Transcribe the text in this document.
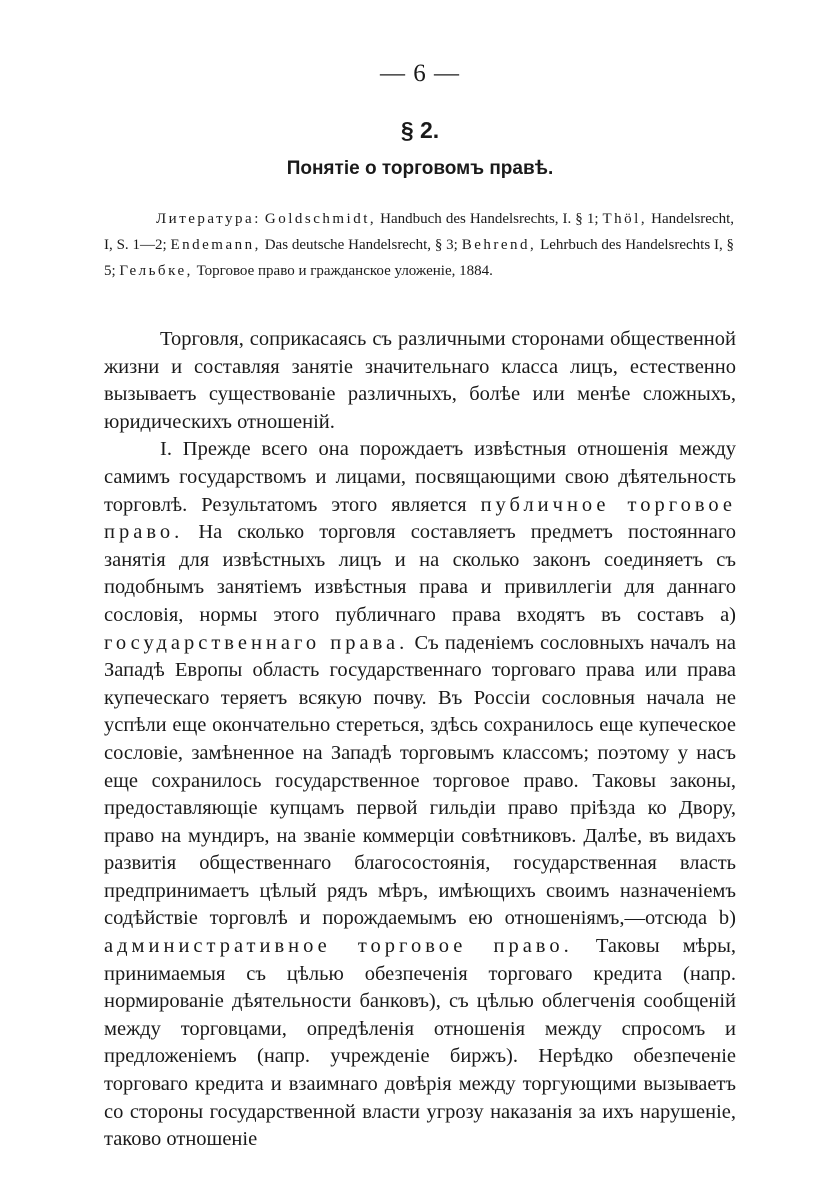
— 6 —
§ 2.
Понятіе о торговомъ правѣ.

Литература: Goldschmidt, Handbuch des Handelsrechts, I. § 1; Thöl, Handelsrecht, I, S. 1—2; Endemann, Das deutsche Handelsrecht, § 3; Behrend, Lehrbuch des Handelsrechts I, § 5; Гельбке, Торговое право и гражданское уложеніе, 1884.

Торговля, соприкасаясь съ различными сторонами общественной жизни и составляя занятіе значительнаго класса лицъ, естественно вызываетъ существованіе различныхъ, болѣе или менѣе сложныхъ, юридическихъ отношеній.

I. Прежде всего она порождаетъ извѣстныя отношенія между самимъ государствомъ и лицами, посвящающими свою дѣятельность торговлѣ. Результатомъ этого является публичное торговое право. На сколько торговля составляетъ предметъ постояннаго занятія для извѣстныхъ лицъ и на сколько законъ соединяетъ съ подобнымъ занятіемъ извѣстныя права и привиллегіи для даннаго сословія, нормы этого публичнаго права входятъ въ составъ а) государственнаго права. Съ паденіемъ сословныхъ началъ на Западѣ Европы область государственнаго торговаго права или права купеческаго теряетъ всякую почву. Въ Россіи сословныя начала не успѣли еще окончательно стереться, здѣсь сохранилось еще купеческое сословіе, замѣненное на Западѣ торговымъ классомъ; поэтому у насъ еще сохранилось государственное торговое право. Таковы законы, предоставляющіе купцамъ первой гильдіи право пріѣзда ко Двору, право на мундиръ, на званіе коммерціи совѣтниковъ. Далѣе, въ видахъ развитія общественнаго благосостоянія, государственная власть предпринимаетъ цѣлый рядъ мѣръ, имѣющихъ своимъ назначеніемъ содѣйствіе торговлѣ и порождаемымъ ею отношеніямъ,—отсюда b) административное торговое право. Таковы мѣры, принимаемыя съ цѣлью обезпеченія торговаго кредита (напр. нормированіе дѣятельности банковъ), съ цѣлью облегченія сообщеній между торговцами, опредѣленія отношенія между спросомъ и предложеніемъ (напр. учрежденіе биржъ). Нерѣдко обезпеченіе торговаго кредита и взаимнаго довѣрія между торгующими вызываетъ со стороны государственной власти угрозу наказанія за ихъ нарушеніе, таково отношеніе
